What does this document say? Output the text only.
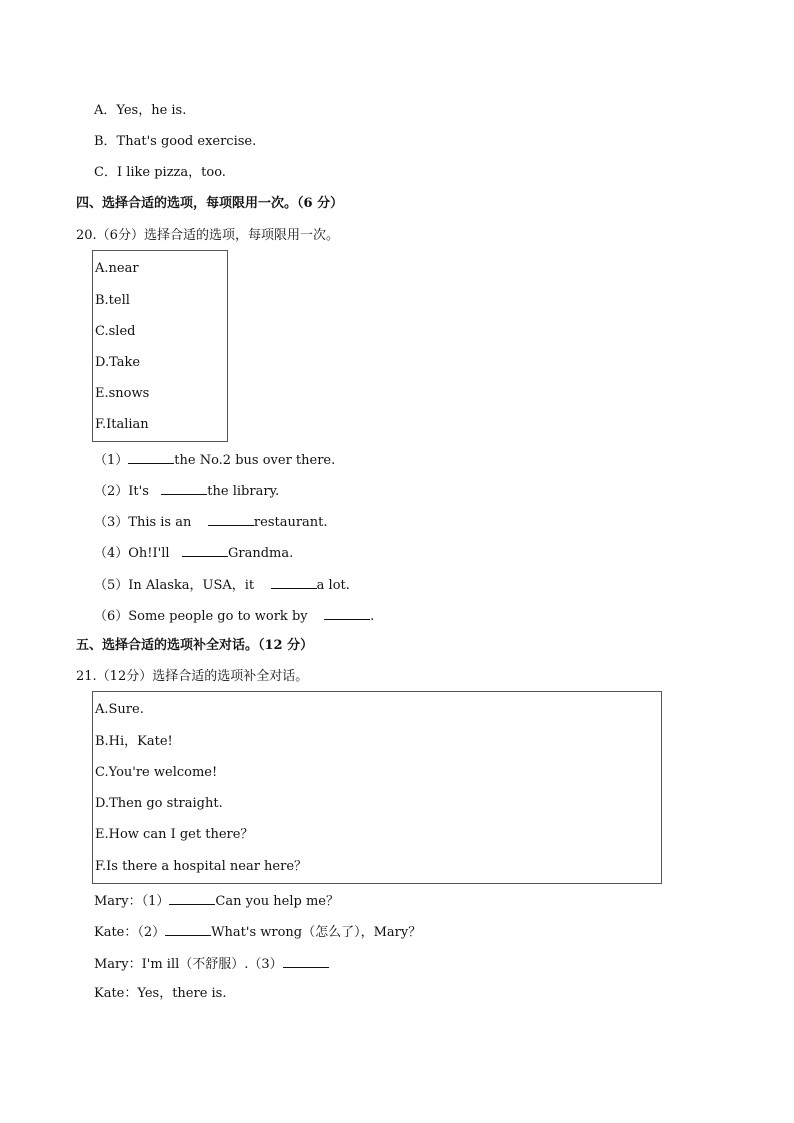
A．Yes，he is.
B．That's good exercise.
C．I like pizza，too.
四、选择合适的选项，每项限用一次。（6 分）
20.（6分）选择合适的选项，每项限用一次。
A.near
B.tell
C.sled
D.Take
E.snows
F.Italian
（1）	the No.2 bus over there.
（2）It's	the library.
（3）This is an	restaurant.
（4）Oh!I'll	Grandma.
（5）In Alaska，USA，it	a lot.
（6）Some people go to work by	.
五、选择合适的选项补全对话。（12 分）
21.（12分）选择合适的选项补全对话。
A.Sure.
B.Hi，Kate!
C.You're welcome!
D.Then go straight.
E.How can I get there？
F.Is there a hospital near here？
Mary：（1）	Can you help me？
Kate：（2）	What's wrong（怎么了），Mary？
Mary：I'm ill（不舒服）.（3）
Kate：Yes，there is.
